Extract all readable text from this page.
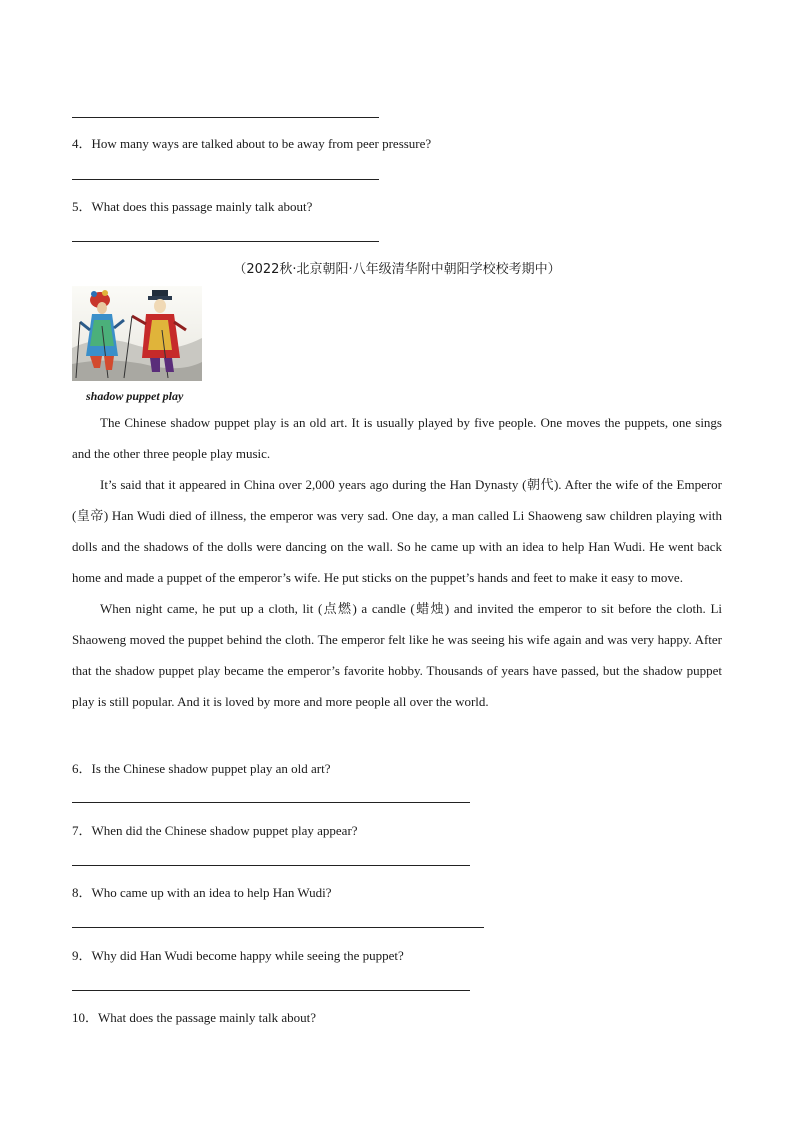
4．How many ways are talked about to be away from peer pressure?
5．What does this passage mainly talk about?
（2022秋·北京朝阳·八年级清华附中朝阳学校校考期中）
shadow puppet play

The Chinese shadow puppet play is an old art. It is usually played by five people. One moves the puppets, one sings and the other three people play music.

It’s said that it appeared in China over 2,000 years ago during the Han Dynasty (朝代). After the wife of the Emperor (皇帝) Han Wudi died of illness, the emperor was very sad. One day, a man called Li Shaoweng saw children playing with dolls and the shadows of the dolls were dancing on the wall. So he came up with an idea to help Han Wudi. He went back home and made a puppet of the emperor’s wife. He put sticks on the puppet’s hands and feet to make it easy to move.

When night came, he put up a cloth, lit (点燃) a candle (蜡烛) and invited the emperor to sit before the cloth. Li Shaoweng moved the puppet behind the cloth. The emperor felt like he was seeing his wife again and was very happy. After that the shadow puppet play became the emperor’s favorite hobby. Thousands of years have passed, but the shadow puppet play is still popular. And it is loved by more and more people all over the world.

6．Is the Chinese shadow puppet play an old art?
7．When did the Chinese shadow puppet play appear?
8．Who came up with an idea to help Han Wudi?
9．Why did Han Wudi become happy while seeing the puppet?
10．What does the passage mainly talk about?
